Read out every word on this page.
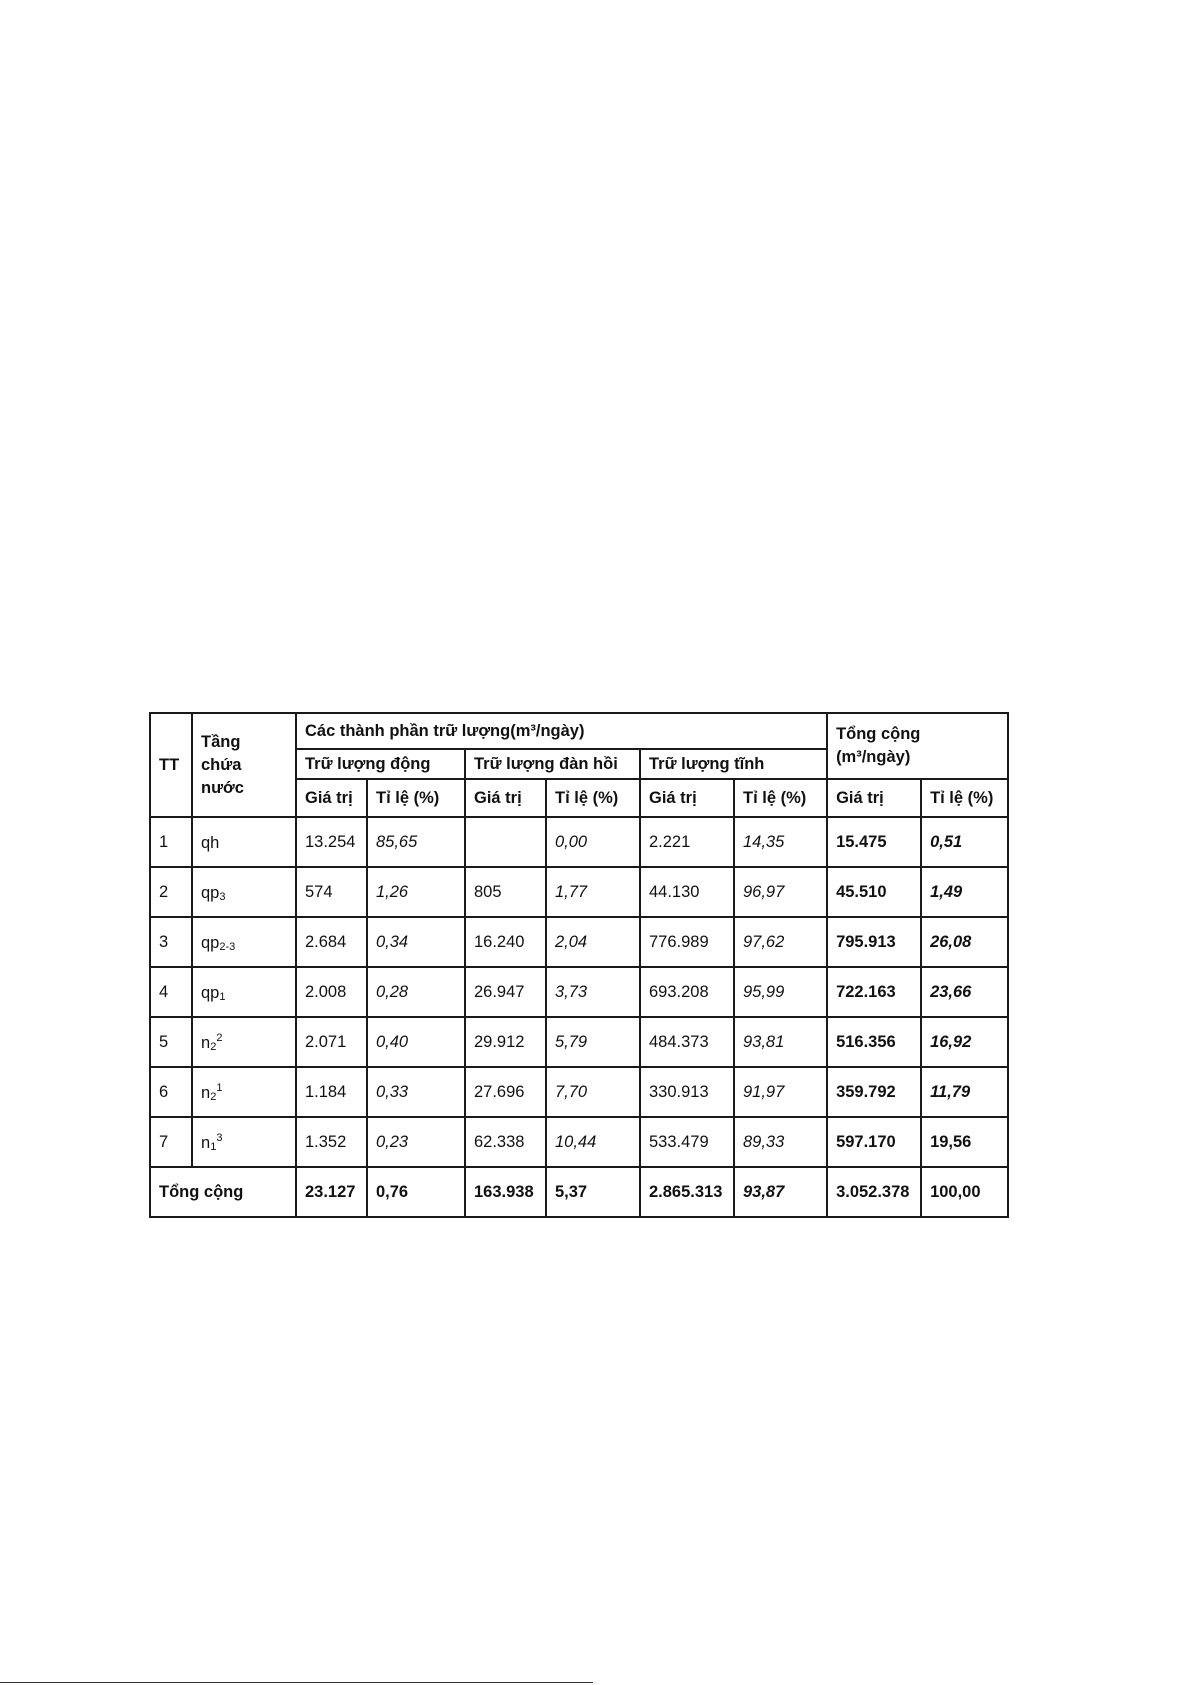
TT	Tầng
chứa
nước	Các thành phần trữ lượng(m³/ngày)						Tổng cộng
(m³/ngày)	
		Trữ lượng động		Trữ lượng đàn hồi		Trữ lượng tĩnh			
		Giá trị	Tỉ lệ (%)	Giá trị	Tỉ lệ (%)	Giá trị	Tỉ lệ (%)	Giá trị	Tỉ lệ (%)
1	qh	13.254	85,65		0,00	2.221	14,35	15.475	0,51
2	$qp_3$	574	1,26	805	1,77	44.130	96,97	45.510	1,49
3	$qp_{2-3}$	2.684	0,34	16.240	2,04	776.989	97,62	795.913	26,08
4	$qp_1$	2.008	0,28	26.947	3,73	693.208	95,99	722.163	23,66
5	$n_2^2$	2.071	0,40	29.912	5,79	484.373	93,81	516.356	16,92
6	$n_2^1$	1.184	0,33	27.696	7,70	330.913	91,97	359.792	11,79
7	$n_1^3$	1.352	0,23	62.338	10,44	533.479	89,33	597.170	19,56
Tổng cộng		23.127	0,76	163.938	5,37	2.865.313	93,87	3.052.378	100,00
